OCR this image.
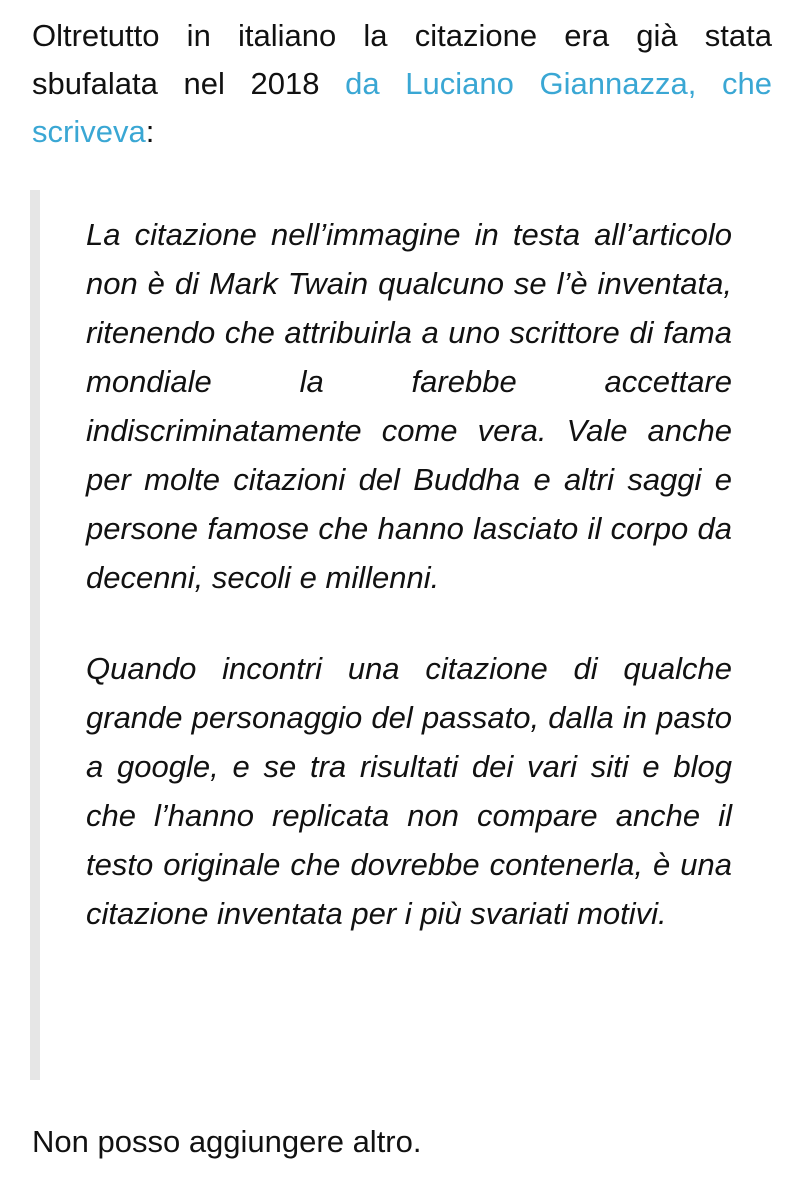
Oltretutto in italiano la citazione era già stata sbufalata nel 2018 da Luciano Giannazza, che scriveva:

La citazione nell’immagine in testa all’articolo non è di Mark Twain qualcuno se l’è inventata, ritenendo che attribuirla a uno scrittore di fama mondiale la farebbe accettare indiscriminatamente come vera. Vale anche per molte citazioni del Buddha e altri saggi e persone famose che hanno lasciato il corpo da decenni, secoli e millenni.

Quando incontri una citazione di qualche grande personaggio del passato, dalla in pasto a google, e se tra risultati dei vari siti e blog che l’hanno replicata non compare anche il testo originale che dovrebbe contenerla, è una citazione inventata per i più svariati motivi.

Non posso aggiungere altro.
